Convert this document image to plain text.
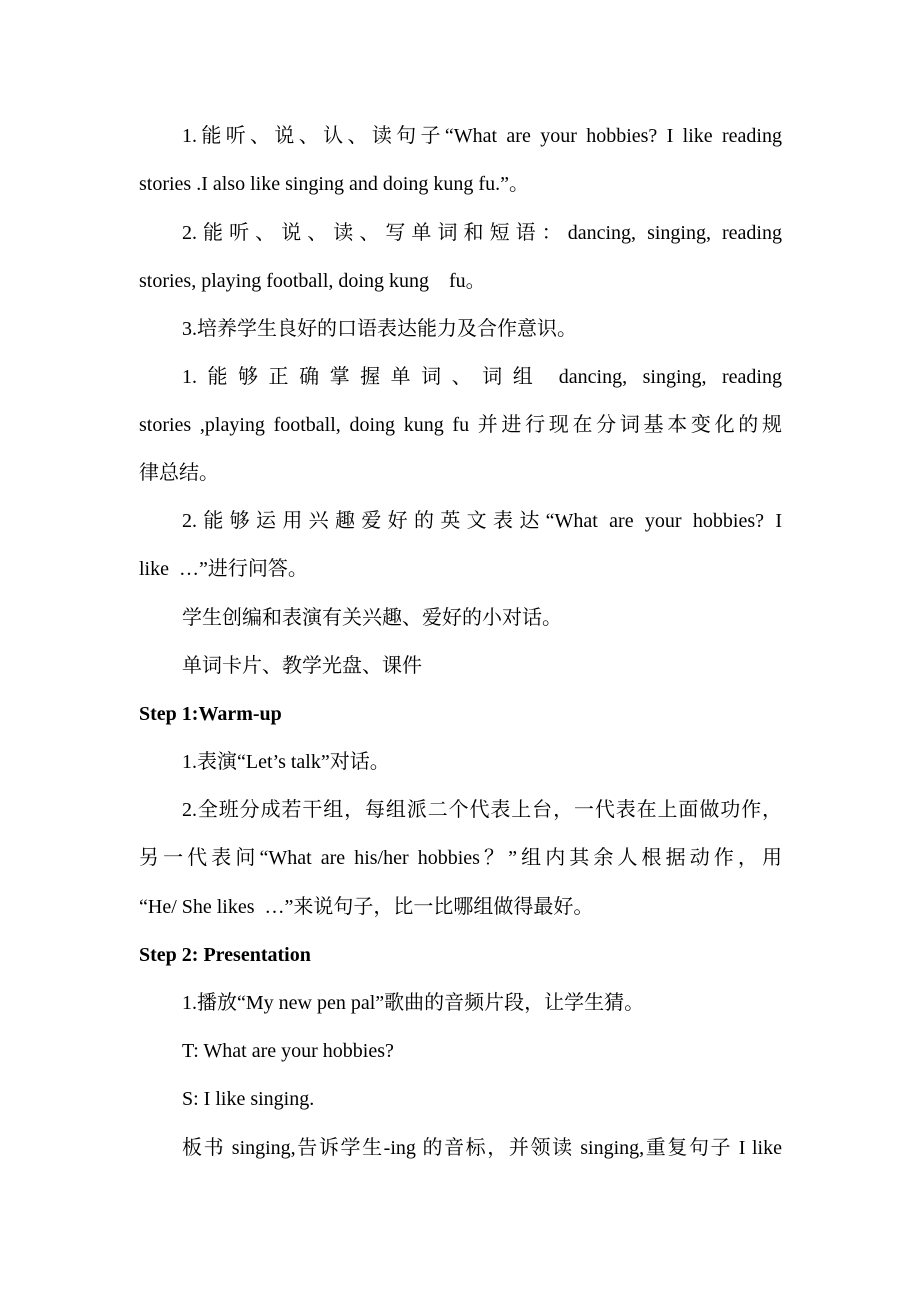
1.能听、说、认、读句子“What are your hobbies? I like reading
stories .I also like singing and doing kung fu.”。
2.能听、说、读、写单词和短语：dancing, singing, reading
stories, playing football, doing kung    fu。
3.培养学生良好的口语表达能力及合作意识。
1.能够正确掌握单词、词组 dancing, singing, reading
stories ,playing football, doing kung fu 并进行现在分词基本变化的规
律总结。
2.能够运用兴趣爱好的英文表达“What are your hobbies? I
like  …”进行问答。
学生创编和表演有关兴趣、爱好的小对话。
单词卡片、教学光盘、课件
Step 1:Warm-up
1.表演“Let’s talk”对话。
2.全班分成若干组，每组派二个代表上台，一代表在上面做功作，
另一代表问“What are his/her hobbies？”组内其余人根据动作，用
“He/ She likes  …”来说句子，比一比哪组做得最好。
Step 2: Presentation
1.播放“My new pen pal”歌曲的音频片段，让学生猜。
T: What are your hobbies?
S: I like singing.
板书 singing,告诉学生-ing 的音标，并领读 singing,重复句子 I like
